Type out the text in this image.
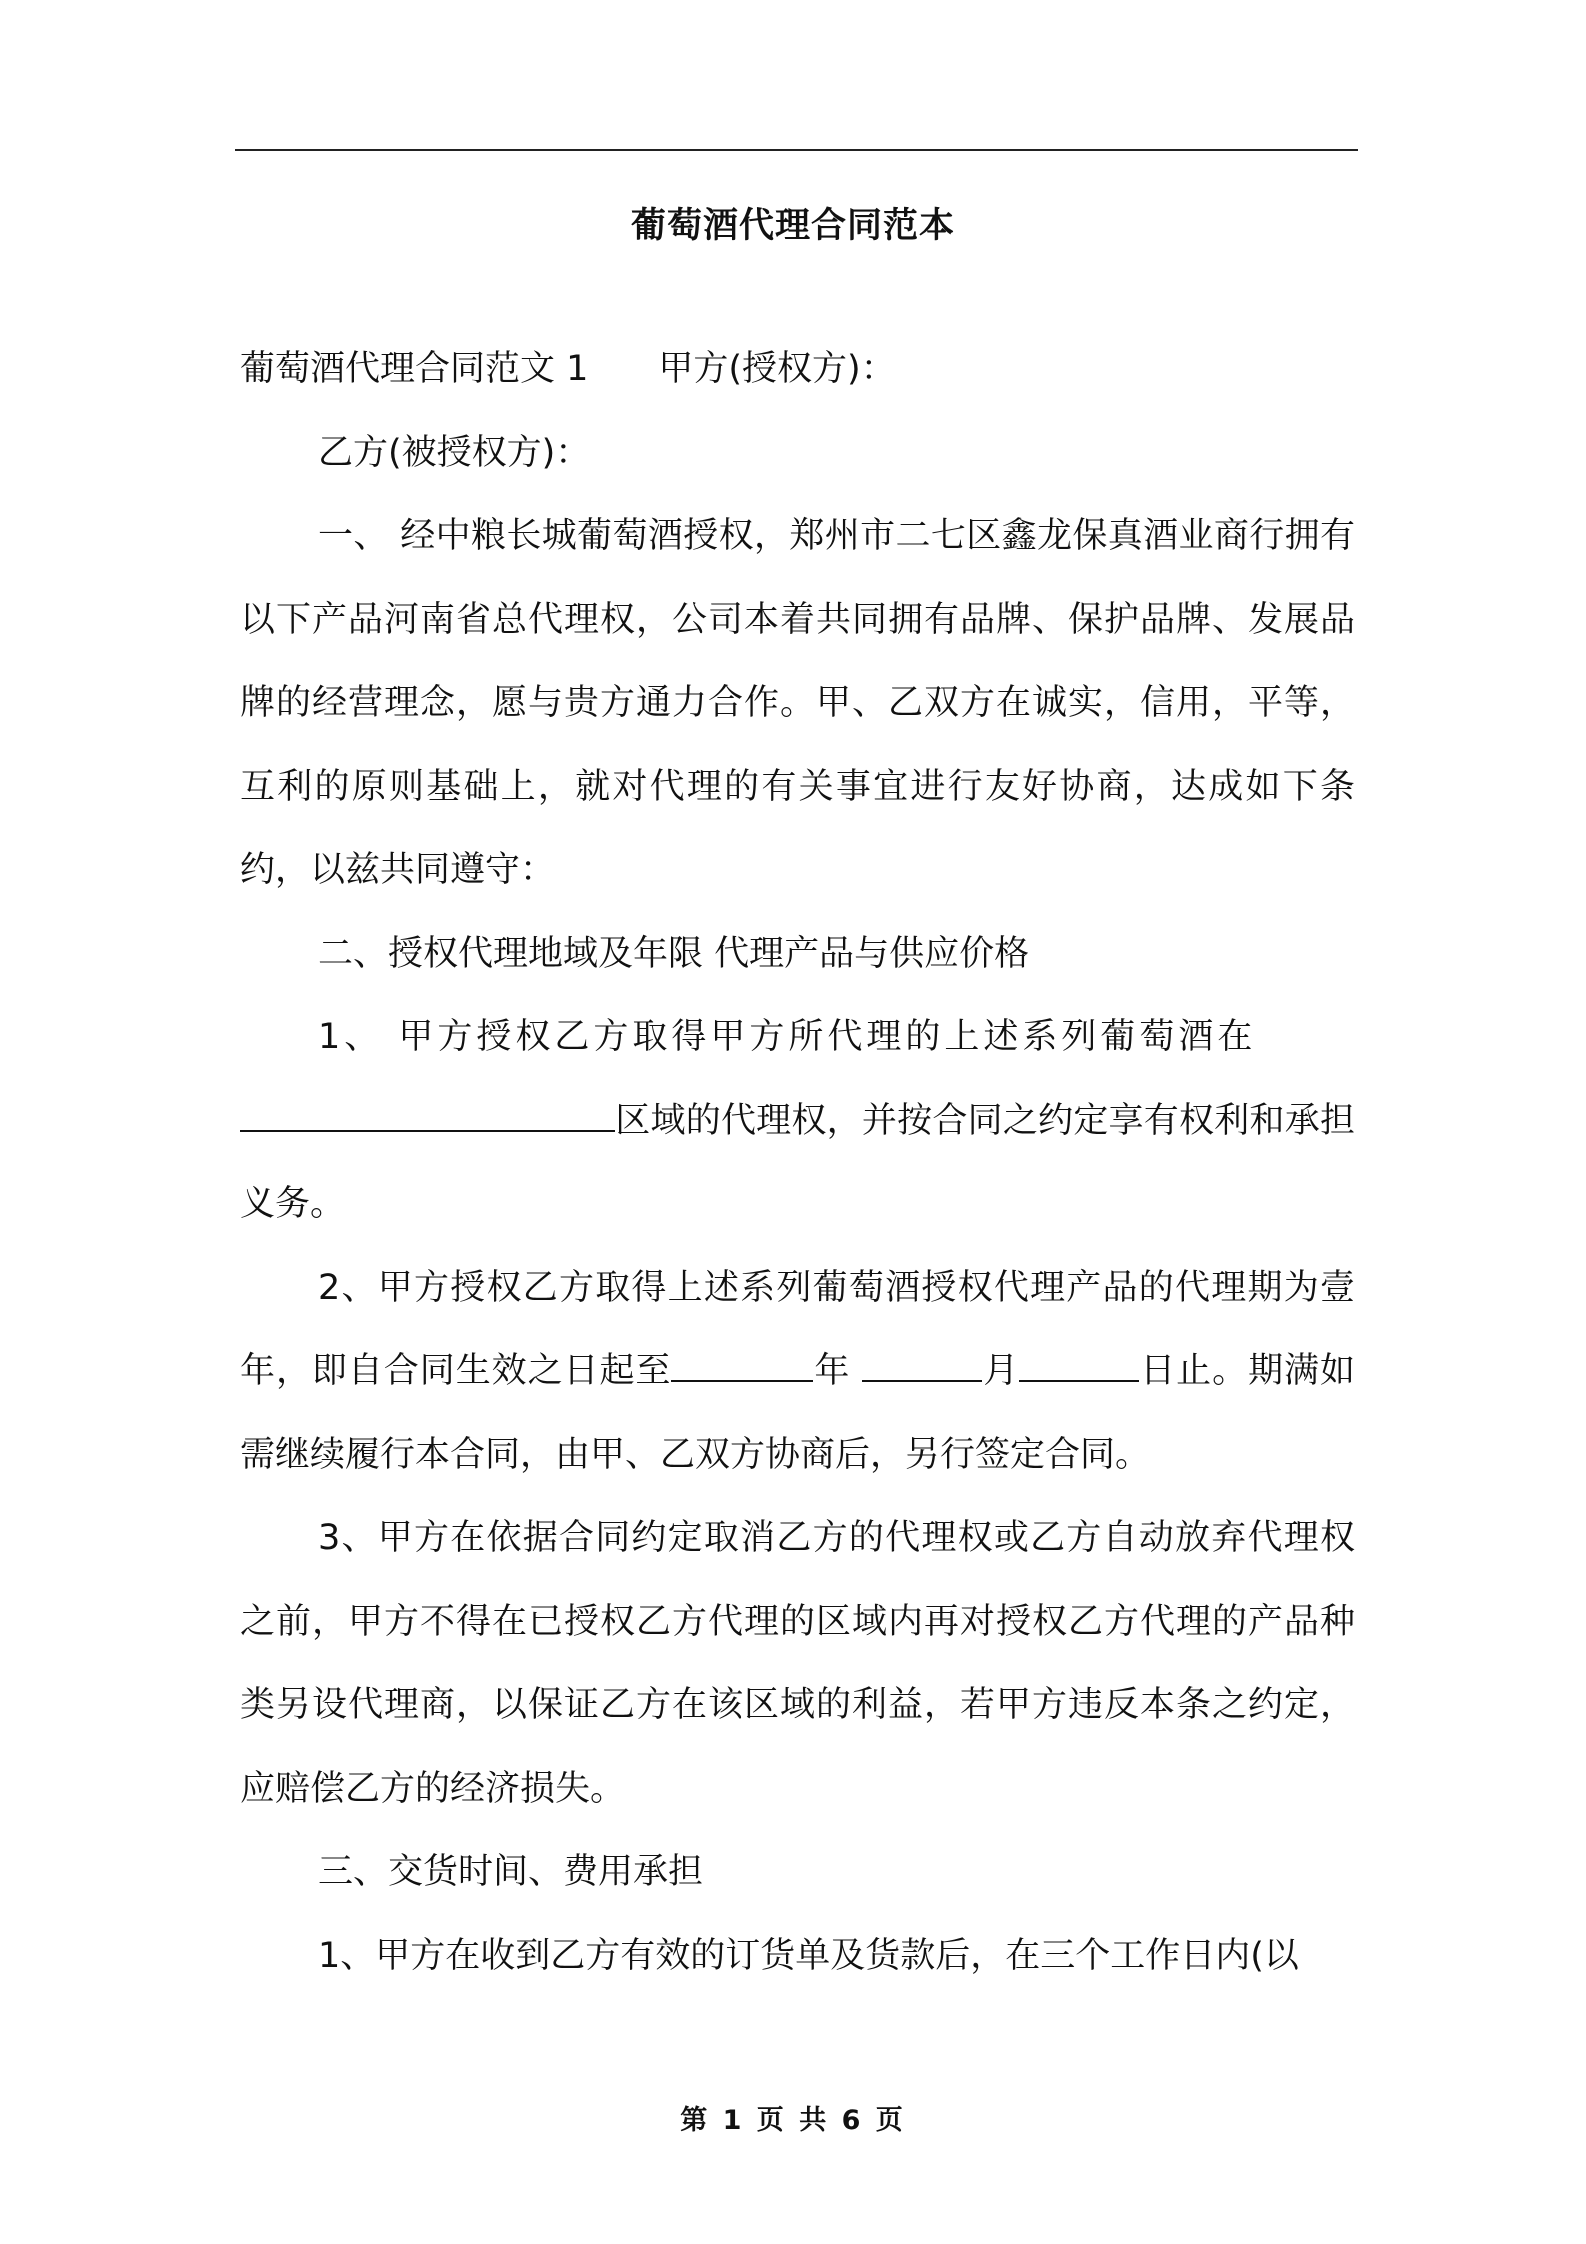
葡萄酒代理合同范本

葡萄酒代理合同范文 1 甲方(授权方)：

乙方(被授权方)：

一、 经中粮长城葡萄酒授权，郑州市二七区鑫龙保真酒业商行拥有以下产品河南省总代理权，公司本着共同拥有品牌、保护品牌、发展品牌的经营理念，愿与贵方通力合作。甲、乙双方在诚实，信用，平等，互利的原则基础上，就对代理的有关事宜进行友好协商，达成如下条约，以兹共同遵守：

二、授权代理地域及年限 代理产品与供应价格

1、 甲方授权乙方取得甲方所代理的上述系列葡萄酒在
区域的代理权，并按合同之约定享有权利和承担义务。

2、甲方授权乙方取得上述系列葡萄酒授权代理产品的代理期为壹年，即自合同生效之日起至	年	月	日止。期满如需继续履行本合同，由甲、乙双方协商后，另行签定合同。

3、甲方在依据合同约定取消乙方的代理权或乙方自动放弃代理权之前，甲方不得在已授权乙方代理的区域内再对授权乙方代理的产品种类另设代理商，以保证乙方在该区域的利益，若甲方违反本条之约定，应赔偿乙方的经济损失。

三、交货时间、费用承担

1、甲方在收到乙方有效的订货单及货款后，在三个工作日内(以

第 1 页 共 6 页
